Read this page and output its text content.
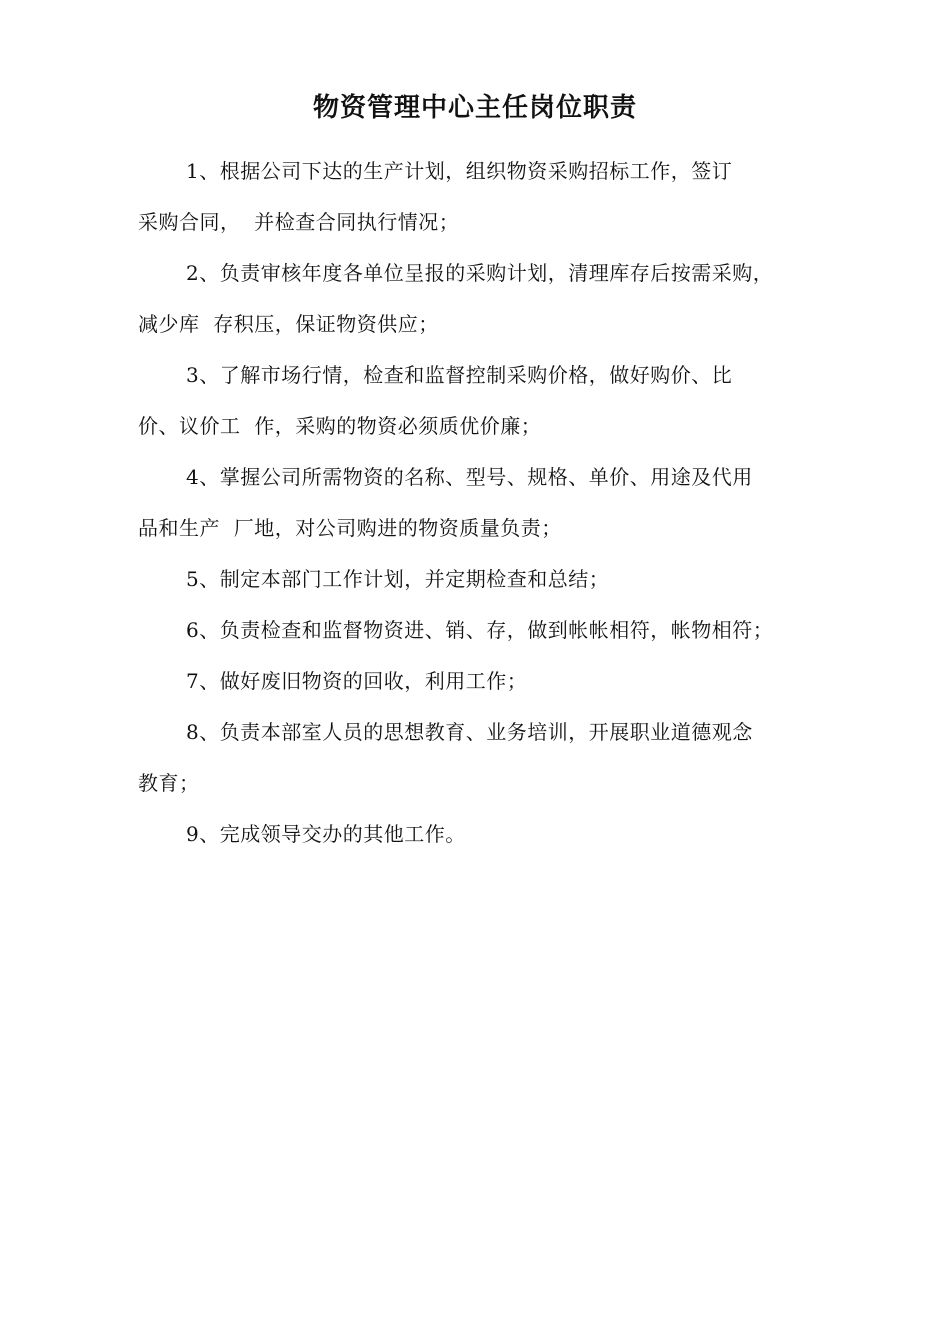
物资管理中心主任岗位职责
1、根据公司下达的生产计划，组织物资采购招标工作，签订
采购合同，  并检查合同执行情况；
2、负责审核年度各单位呈报的采购计划，清理库存后按需采购，
减少库  存积压，保证物资供应；
3、了解市场行情，检查和监督控制采购价格，做好购价、比
价、议价工  作，采购的物资必须质优价廉；
4、掌握公司所需物资的名称、型号、规格、单价、用途及代用
品和生产  厂地，对公司购进的物资质量负责；
5、制定本部门工作计划，并定期检查和总结；
6、负责检查和监督物资进、销、存，做到帐帐相符，帐物相符；
7、做好废旧物资的回收，利用工作；
8、负责本部室人员的思想教育、业务培训，开展职业道德观念
教育；
9、完成领导交办的其他工作。
